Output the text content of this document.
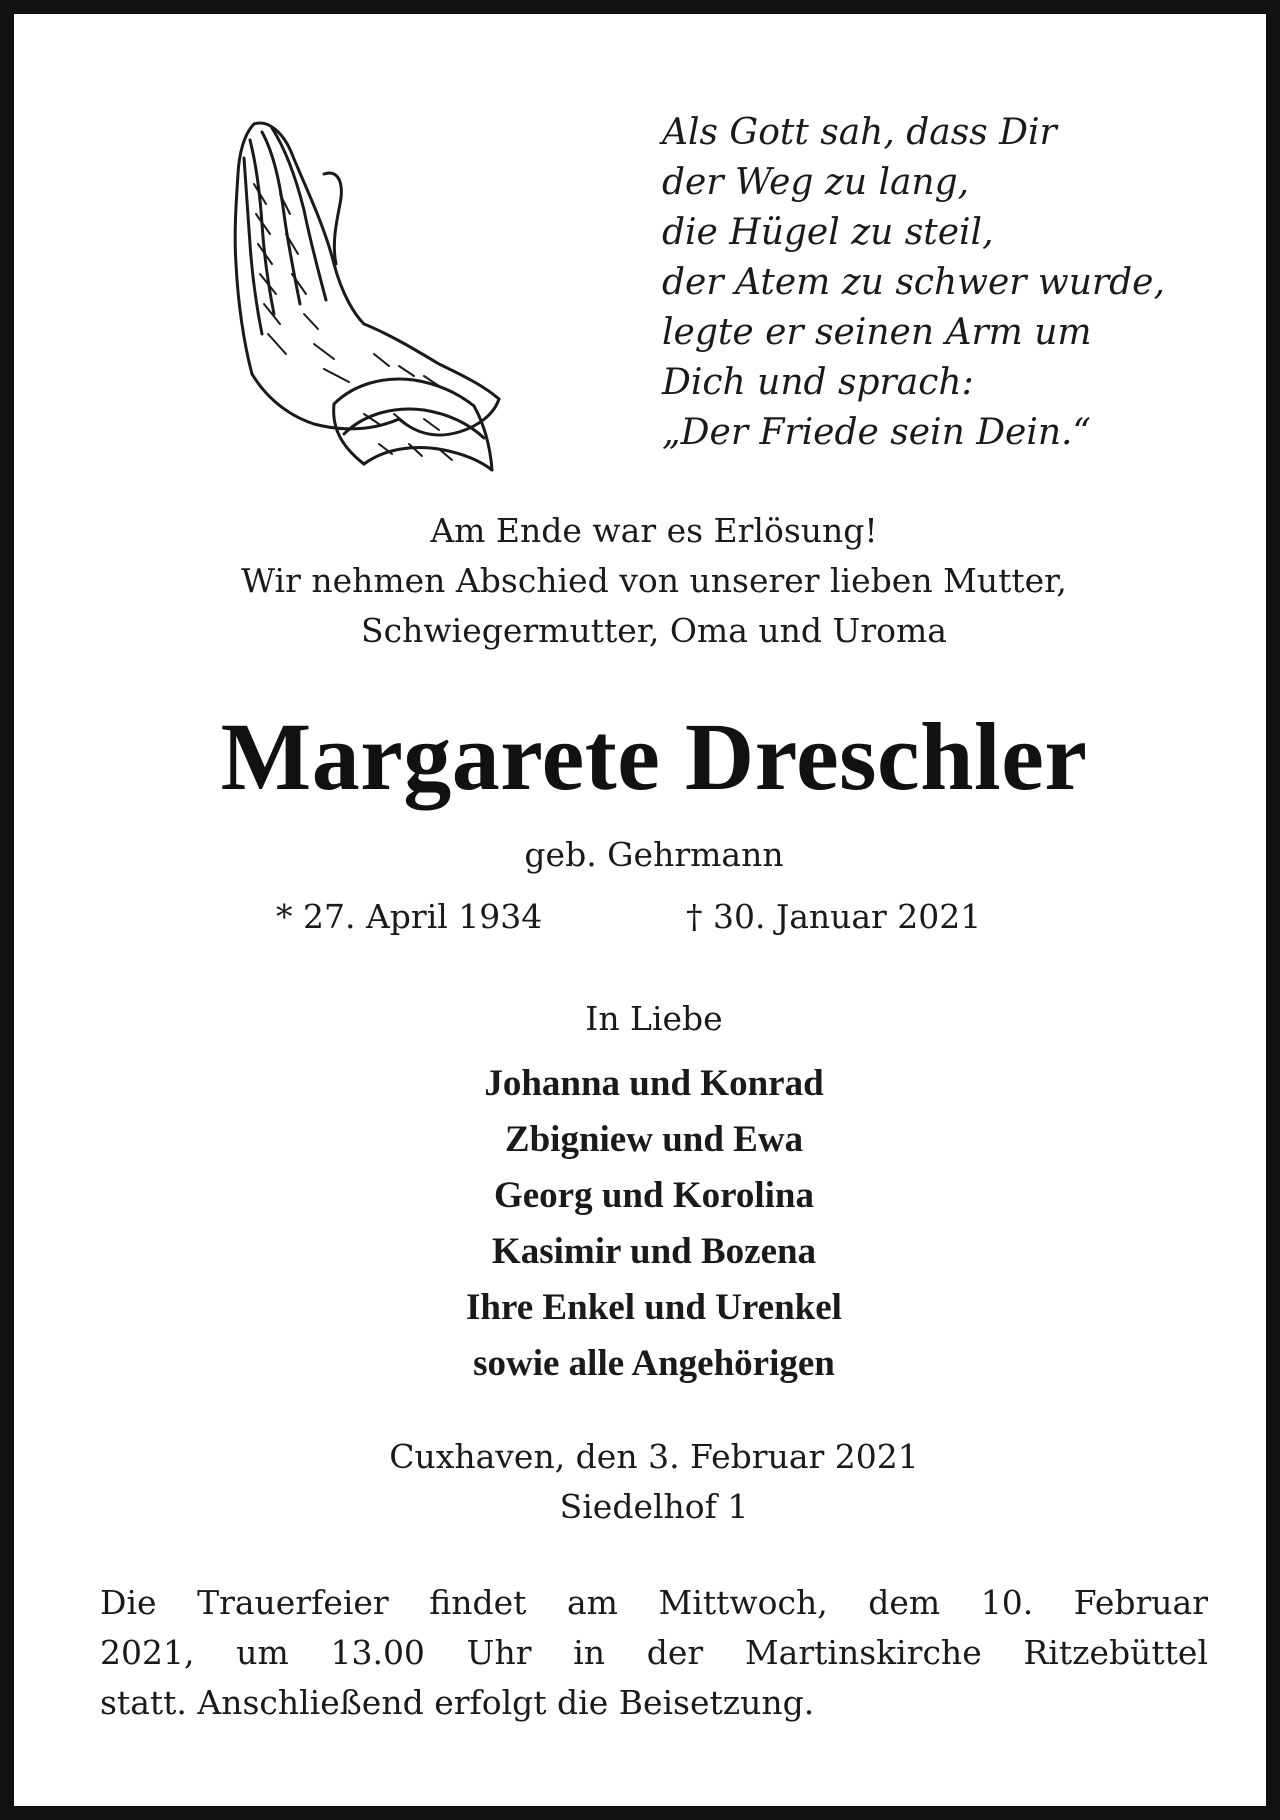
Als Gott sah, dass Dir
der Weg zu lang,
die Hügel zu steil,
der Atem zu schwer wurde,
legte er seinen Arm um
Dich und sprach:
„Der Friede sein Dein.“
Am Ende war es Erlösung!
Wir nehmen Abschied von unserer lieben Mutter,
Schwiegermutter, Oma und Uroma
Margarete Dreschler
geb. Gehrmann
* 27. April 1934	† 30. Januar 2021
In Liebe
Johanna und Konrad
Zbigniew und Ewa
Georg und Korolina
Kasimir und Bozena
Ihre Enkel und Urenkel
sowie alle Angehörigen
Cuxhaven, den 3. Februar 2021
Siedelhof 1
Die Trauerfeier findet am Mittwoch, dem 10. Februar
2021, um 13.00 Uhr in der Martinskirche Ritzebüttel
statt. Anschließend erfolgt die Beisetzung.
